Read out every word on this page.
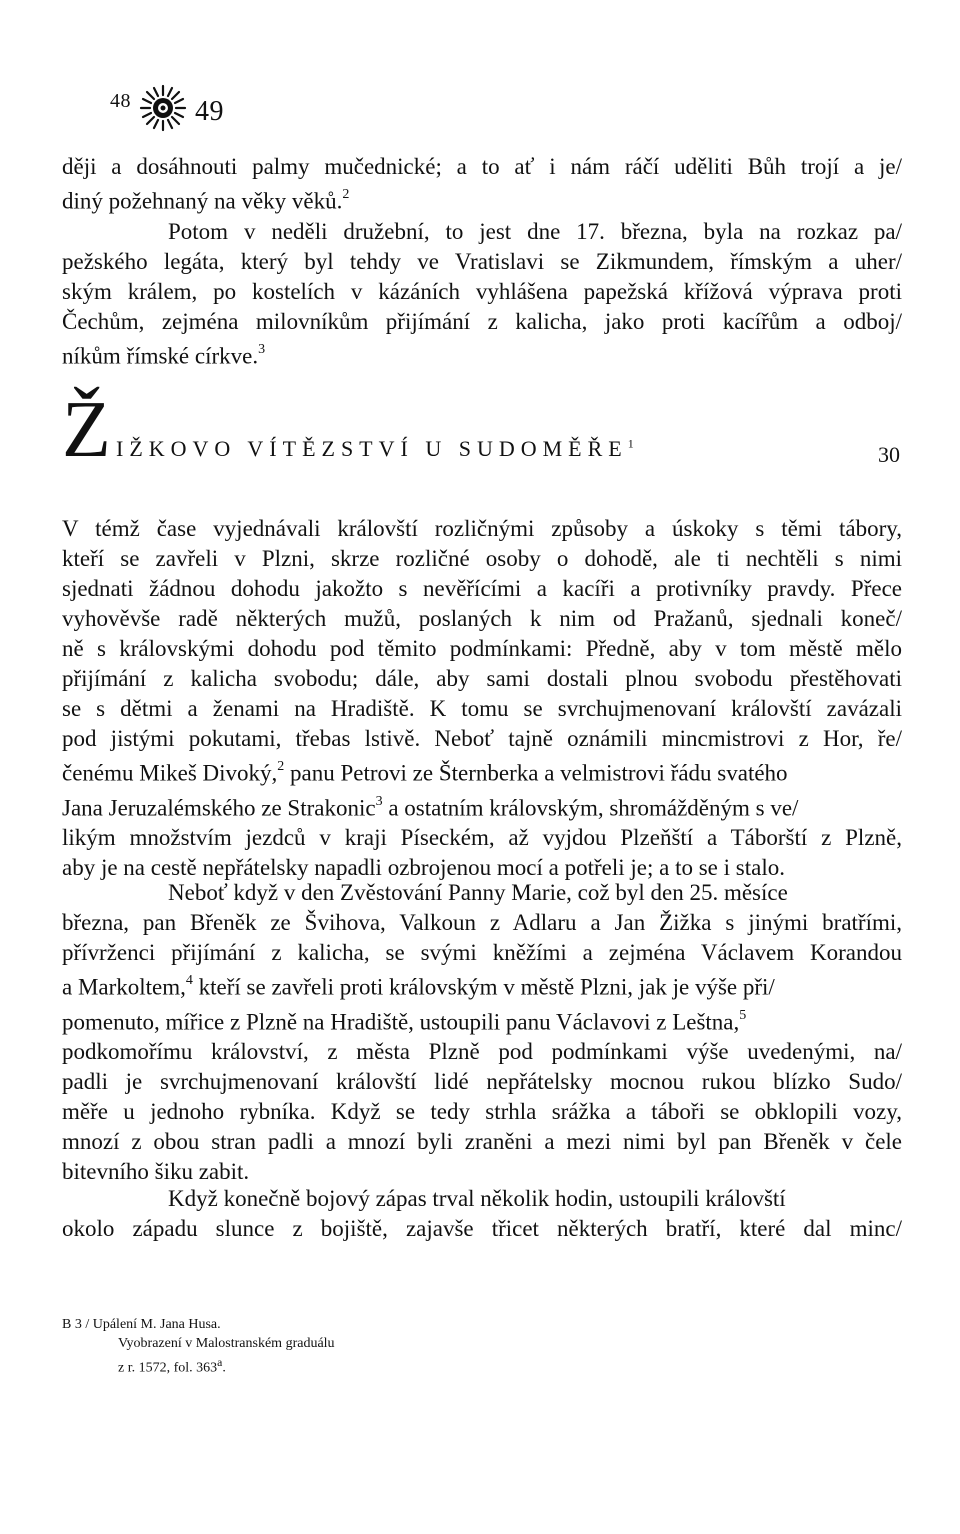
$^{48}$ 49
ději a dosáhnouti palmy mučednické; a to ať i nám ráčí uděliti Bůh trojí a je/
diný požehnaný na věky věků.$^2$
Potom v neděli družební, to jest dne 17. března, byla na rozkaz pa/
pežského legáta, který byl tehdy ve Vratislavi se Zikmundem, římským a uher/
ským králem, po kostelích v kázáních vyhlášena papežská křížová výprava proti
Čechům, zejména milovníkům přijímání z kalicha, jako proti kacířům a odboj/
níkům římské církve.$^3$
Ž IŽKOVO VÍTĚZSTVÍ U SUDOMĚŘE$^1$	30
V témž čase vyjednávali královští rozličnými způsoby a úskoky s těmi tábory,
kteří se zavřeli v Plzni, skrze rozličné osoby o dohodě, ale ti nechtěli s nimi
sjednati žádnou dohodu jakožto s nevěřícími a kacíři a protivníky pravdy. Přece
vyhověvše radě některých mužů, poslaných k nim od Pražanů, sjednali koneč/
ně s královskými dohodu pod těmito podmínkami: Předně, aby v tom městě mělo
přijímání z kalicha svobodu; dále, aby sami dostali plnou svobodu přestěhovati
se s dětmi a ženami na Hradiště. K tomu se svrchujmenovaní královští zavázali
pod jistými pokutami, třebas lstivě. Neboť tajně oznámili mincmistrovi z Hor, ře/
čenému Mikeš Divoký,$^2$ panu Petrovi ze Šternberka a velmistrovi řádu svatého
Jana Jeruzalémského ze Strakonic$^3$ a ostatním královským, shromážděným s ve/
likým množstvím jezdců v kraji Píseckém, až vyjdou Plzeňští a Táborští z Plzně,
aby je na cestě nepřátelsky napadli ozbrojenou mocí a potřeli je; a to se i stalo.
Neboť když v den Zvěstování Panny Marie, což byl den 25. měsíce
března, pan Břeněk ze Švihova, Valkoun z Adlaru a Jan Žižka s jinými bratřími,
přívrženci přijímání z kalicha, se svými kněžími a zejména Václavem Korandou
a Markoltem,$^4$ kteří se zavřeli proti královským v městě Plzni, jak je výše při/
pomenuto, mířice z Plzně na Hradiště, ustoupili panu Václavovi z Leštna,$^5$
podkomořímu království, z města Plzně pod podmínkami výše uvedenými, na/
padli je svrchujmenovaní královští lidé nepřátelsky mocnou rukou blízko Sudo/
měře u jednoho rybníka. Když se tedy strhla srážka a táboři se obklopili vozy,
mnozí z obou stran padli a mnozí byli zraněni a mezi nimi byl pan Břeněk v čele
bitevního šiku zabit.
Když konečně bojový zápas trval několik hodin, ustoupili královští
okolo západu slunce z bojiště, zajavše třicet některých bratří, které dal minc/
B 3 / Upálení M. Jana Husa.
Vyobrazení v Malostranském graduálu
z r. 1572, fol. 363$^a$.
